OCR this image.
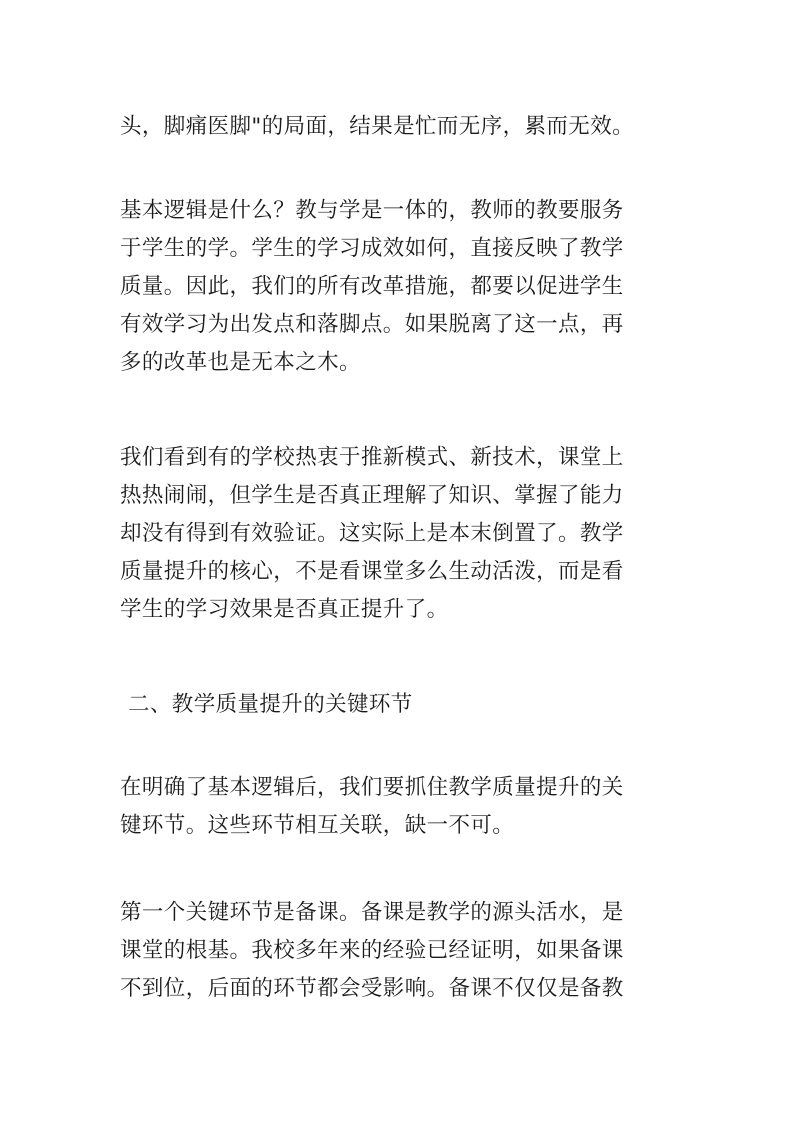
头，脚痛医脚"的局面，结果是忙而无序，累而无效。

基本逻辑是什么？教与学是一体的，教师的教要服务
于学生的学。学生的学习成效如何，直接反映了教学
质量。因此，我们的所有改革措施，都要以促进学生
有效学习为出发点和落脚点。如果脱离了这一点，再
多的改革也是无本之木。

我们看到有的学校热衷于推新模式、新技术，课堂上
热热闹闹，但学生是否真正理解了知识、掌握了能力
却没有得到有效验证。这实际上是本末倒置了。教学
质量提升的核心，不是看课堂多么生动活泼，而是看
学生的学习效果是否真正提升了。

二、教学质量提升的关键环节

在明确了基本逻辑后，我们要抓住教学质量提升的关
键环节。这些环节相互关联，缺一不可。

第一个关键环节是备课。备课是教学的源头活水，是
课堂的根基。我校多年来的经验已经证明，如果备课
不到位，后面的环节都会受影响。备课不仅仅是备教
